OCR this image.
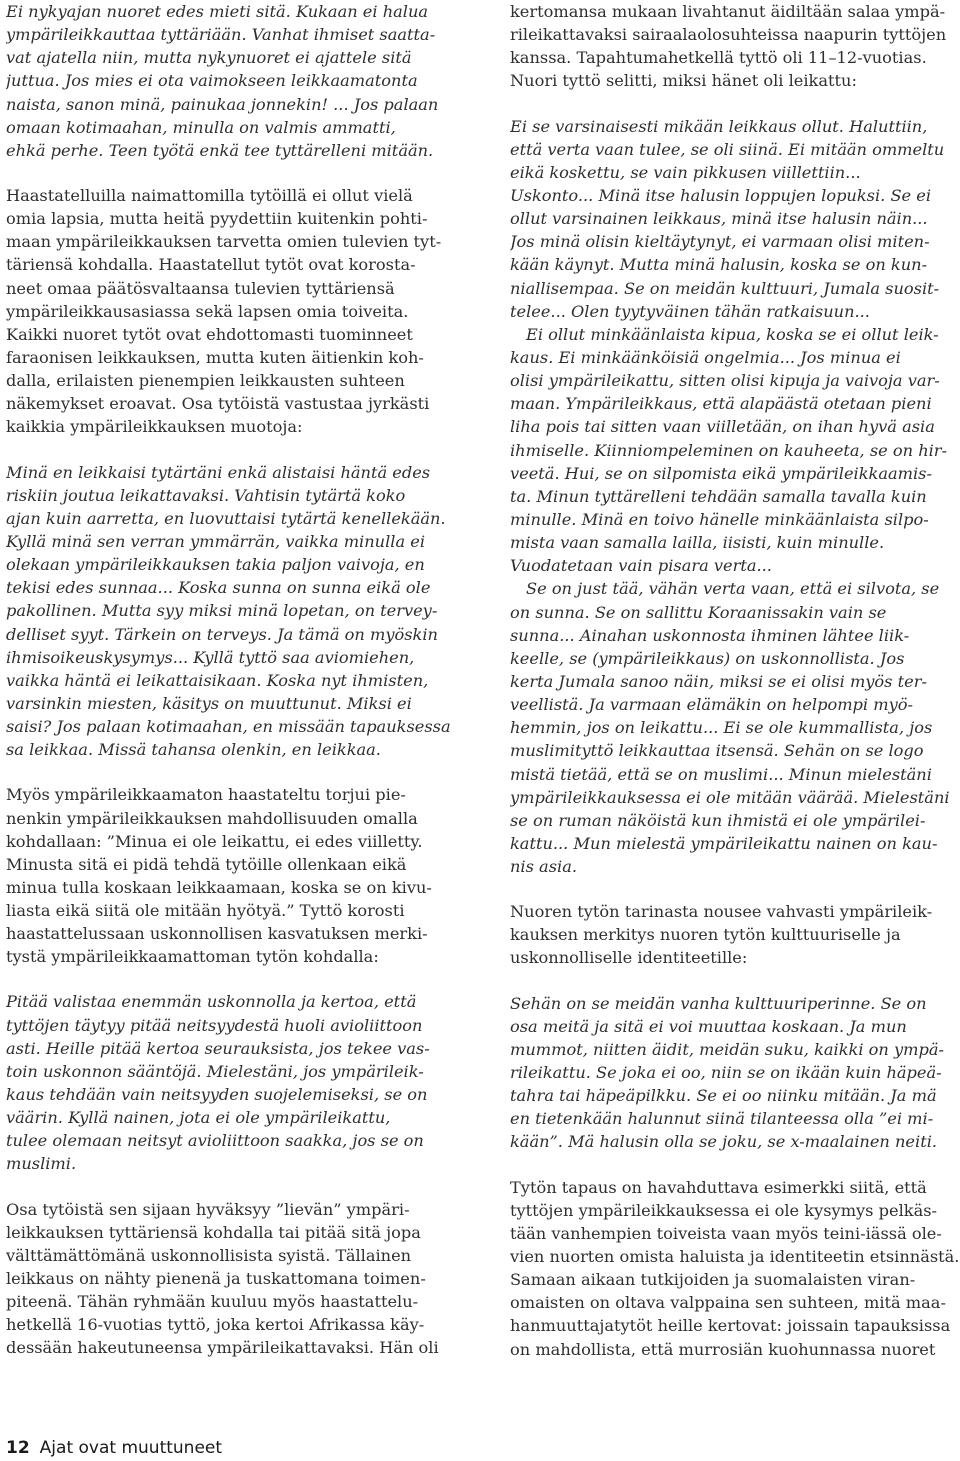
Ei nykyajan nuoret edes mieti sitä. Kukaan ei halua
ympärileikkauttaa tyttäriään. Vanhat ihmiset saatta-
vat ajatella niin, mutta nykynuoret ei ajattele sitä
juttua. Jos mies ei ota vaimokseen leikkaamatonta
naista, sanon minä, painukaa jonnekin! ... Jos palaan
omaan kotimaahan, minulla on valmis ammatti,
ehkä perhe. Teen työtä enkä tee tyttärelleni mitään.
Haastatelluilla naimattomilla tytöillä ei ollut vielä
omia lapsia, mutta heitä pyydettiin kuitenkin pohti-
maan ympärileikkauksen tarvetta omien tulevien tyt-
täriensä kohdalla. Haastatellut tytöt ovat korosta-
neet omaa päätösvaltaansa tulevien tyttäriensä
ympärileikkausasiassa sekä lapsen omia toiveita.
Kaikki nuoret tytöt ovat ehdottomasti tuominneet
faraonisen leikkauksen, mutta kuten äitienkin koh-
dalla, erilaisten pienempien leikkausten suhteen
näkemykset eroavat. Osa tytöistä vastustaa jyrkästi
kaikkia ympärileikkauksen muotoja:
Minä en leikkaisi tytärtäni enkä alistaisi häntä edes
riskiin joutua leikattavaksi. Vahtisin tytärtä koko
ajan kuin aarretta, en luovuttaisi tytärtä kenellekään.
Kyllä minä sen verran ymmärrän, vaikka minulla ei
olekaan ympärileikkauksen takia paljon vaivoja, en
tekisi edes sunnaa... Koska sunna on sunna eikä ole
pakollinen. Mutta syy miksi minä lopetan, on tervey-
delliset syyt. Tärkein on terveys. Ja tämä on myöskin
ihmisoikeuskysymys... Kyllä tyttö saa aviomiehen,
vaikka häntä ei leikattaisikaan. Koska nyt ihmisten,
varsinkin miesten, käsitys on muuttunut. Miksi ei
saisi? Jos palaan kotimaahan, en missään tapauksessa
sa leikkaa. Missä tahansa olenkin, en leikkaa.
Myös ympärileikkaamaton haastateltu torjui pie-
nenkin ympärileikkauksen mahdollisuuden omalla
kohdallaan: ”Minua ei ole leikattu, ei edes viilletty.
Minusta sitä ei pidä tehdä tytöille ollenkaan eikä
minua tulla koskaan leikkaamaan, koska se on kivu-
liasta eikä siitä ole mitään hyötyä.” Tyttö korosti
haastattelussaan uskonnollisen kasvatuksen merki-
tystä ympärileikkaamattoman tytön kohdalla:
Pitää valistaa enemmän uskonnolla ja kertoa, että
tyttöjen täytyy pitää neitsyydestä huoli avioliittoon
asti. Heille pitää kertoa seurauksista, jos tekee vas-
toin uskonnon sääntöjä. Mielestäni, jos ympärileik-
kaus tehdään vain neitsyyden suojelemiseksi, se on
väärin. Kyllä nainen, jota ei ole ympärileikattu,
tulee olemaan neitsyt avioliittoon saakka, jos se on
muslimi.
Osa tytöistä sen sijaan hyväksyy ”lievän” ympäri-
leikkauksen tyttäriensä kohdalla tai pitää sitä jopa
välttämättömänä uskonnollisista syistä. Tällainen
leikkaus on nähty pienenä ja tuskattomana toimen-
piteenä. Tähän ryhmään kuuluu myös haastattelu-
hetkellä 16-vuotias tyttö, joka kertoi Afrikassa käy-
dessään hakeutuneensa ympärileikattavaksi. Hän oli
kertomansa mukaan livahtanut äidiltään salaa ympä-
rileikattavaksi sairaalaolosuhteissa naapurin tyttöjen
kanssa. Tapahtumahetkellä tyttö oli 11–12-vuotias.
Nuori tyttö selitti, miksi hänet oli leikattu:
Ei se varsinaisesti mikään leikkaus ollut. Haluttiin,
että verta vaan tulee, se oli siinä. Ei mitään ommeltu
eikä koskettu, se vain pikkusen viillettiin...
Uskonto... Minä itse halusin loppujen lopuksi. Se ei
ollut varsinainen leikkaus, minä itse halusin näin...
Jos minä olisin kieltäytynyt, ei varmaan olisi miten-
kään käynyt. Mutta minä halusin, koska se on kun-
niallisempaa. Se on meidän kulttuuri, Jumala suosit-
telee... Olen tyytyväinen tähän ratkaisuun...
Ei ollut minkäänlaista kipua, koska se ei ollut leik-
kaus. Ei minkäänköisiä ongelmia... Jos minua ei
olisi ympärileikattu, sitten olisi kipuja ja vaivoja var-
maan. Ympärileikkaus, että alapäästä otetaan pieni
liha pois tai sitten vaan viilletään, on ihan hyvä asia
ihmiselle. Kiinniompeleminen on kauheeta, se on hir-
veetä. Hui, se on silpomista eikä ympärileikkaamis-
ta. Minun tyttärelleni tehdään samalla tavalla kuin
minulle. Minä en toivo hänelle minkäänlaista silpo-
mista vaan samalla lailla, iisisti, kuin minulle.
Vuodatetaan vain pisara verta...
Se on just tää, vähän verta vaan, että ei silvota, se
on sunna. Se on sallittu Koraanissakin vain se
sunna... Ainahan uskonnosta ihminen lähtee liik-
keelle, se (ympärileikkaus) on uskonnollista. Jos
kerta Jumala sanoo näin, miksi se ei olisi myös ter-
veellistä. Ja varmaan elämäkin on helpompi myö-
hemmin, jos on leikattu... Ei se ole kummallista, jos
muslimityttö leikkauttaa itsensä. Sehän on se logo
mistä tietää, että se on muslimi... Minun mielestäni
ympärileikkauksessa ei ole mitään väärää. Mielestäni
se on ruman näköistä kun ihmistä ei ole ympärilei-
kattu... Mun mielestä ympärileikattu nainen on kau-
nis asia.
Nuoren tytön tarinasta nousee vahvasti ympärileik-
kauksen merkitys nuoren tytön kulttuuriselle ja
uskonnolliselle identiteetille:
Sehän on se meidän vanha kulttuuriperinne. Se on
osa meitä ja sitä ei voi muuttaa koskaan. Ja mun
mummot, niitten äidit, meidän suku, kaikki on ympä-
rileikattu. Se joka ei oo, niin se on ikään kuin häpeä-
tahra tai häpeäpilkku. Se ei oo niinku mitään. Ja mä
en tietenkään halunnut siinä tilanteessa olla ”ei mi-
kään”. Mä halusin olla se joku, se x-maalainen neiti.
Tytön tapaus on havahduttava esimerkki siitä, että
tyttöjen ympärileikkauksessa ei ole kysymys pelkäs-
tään vanhempien toiveista vaan myös teini-iässä ole-
vien nuorten omista haluista ja identiteetin etsinnästä.
Samaan aikaan tutkijoiden ja suomalaisten viran-
omaisten on oltava valppaina sen suhteen, mitä maa-
hanmuuttajatytöt heille kertovat: joissain tapauksissa
on mahdollista, että murrosiän kuohunnassa nuoret
12 Ajat ovat muuttuneet
